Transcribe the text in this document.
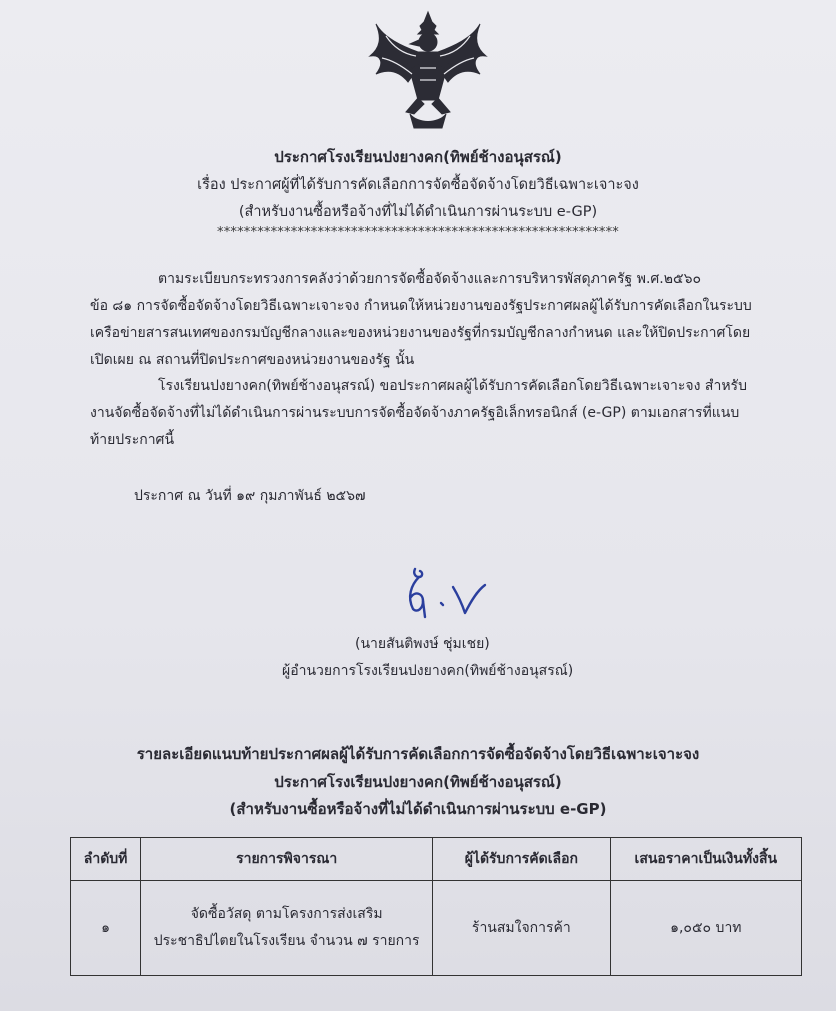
ประกาศโรงเรียนปงยางคก(ทิพย์ช้างอนุสรณ์)
เรื่อง ประกาศผู้ที่ได้รับการคัดเลือกการจัดซื้อจัดจ้างโดยวิธีเฉพาะเจาะจง
(สำหรับงานซื้อหรือจ้างที่ไม่ได้ดำเนินการผ่านระบบ e-GP)
************************************************************
ตามระเบียบกระทรวงการคลังว่าด้วยการจัดซื้อจัดจ้างและการบริหารพัสดุภาครัฐ พ.ศ.๒๕๖๐
ข้อ ๘๑ การจัดซื้อจัดจ้างโดยวิธีเฉพาะเจาะจง กำหนดให้หน่วยงานของรัฐประกาศผลผู้ได้รับการคัดเลือกในระบบ
เครือข่ายสารสนเทศของกรมบัญชีกลางและของหน่วยงานของรัฐที่กรมบัญชีกลางกำหนด และให้ปิดประกาศโดย
เปิดเผย ณ สถานที่ปิดประกาศของหน่วยงานของรัฐ นั้น
โรงเรียนปงยางคก(ทิพย์ช้างอนุสรณ์) ขอประกาศผลผู้ได้รับการคัดเลือกโดยวิธีเฉพาะเจาะจง สำหรับ
งานจัดซื้อจัดจ้างที่ไม่ได้ดำเนินการผ่านระบบการจัดซื้อจัดจ้างภาครัฐอิเล็กทรอนิกส์ (e-GP) ตามเอกสารที่แนบ
ท้ายประกาศนี้
ประกาศ ณ วันที่ ๑๙ กุมภาพันธ์ ๒๕๖๗
(นายสันติพงษ์ ชุ่มเชย)
ผู้อำนวยการโรงเรียนปงยางคก(ทิพย์ช้างอนุสรณ์)
รายละเอียดแนบท้ายประกาศผลผู้ได้รับการคัดเลือกการจัดซื้อจัดจ้างโดยวิธีเฉพาะเจาะจง
ประกาศโรงเรียนปงยางคก(ทิพย์ช้างอนุสรณ์)
(สำหรับงานซื้อหรือจ้างที่ไม่ได้ดำเนินการผ่านระบบ e-GP)
ลำดับที่	รายการพิจารณา	ผู้ได้รับการคัดเลือก	เสนอราคาเป็นเงินทั้งสิ้น
๑	จัดซื้อวัสดุ ตามโครงการส่งเสริม
ประชาธิปไตยในโรงเรียน จำนวน ๗ รายการ	ร้านสมใจการค้า	๑,๐๕๐ บาท
